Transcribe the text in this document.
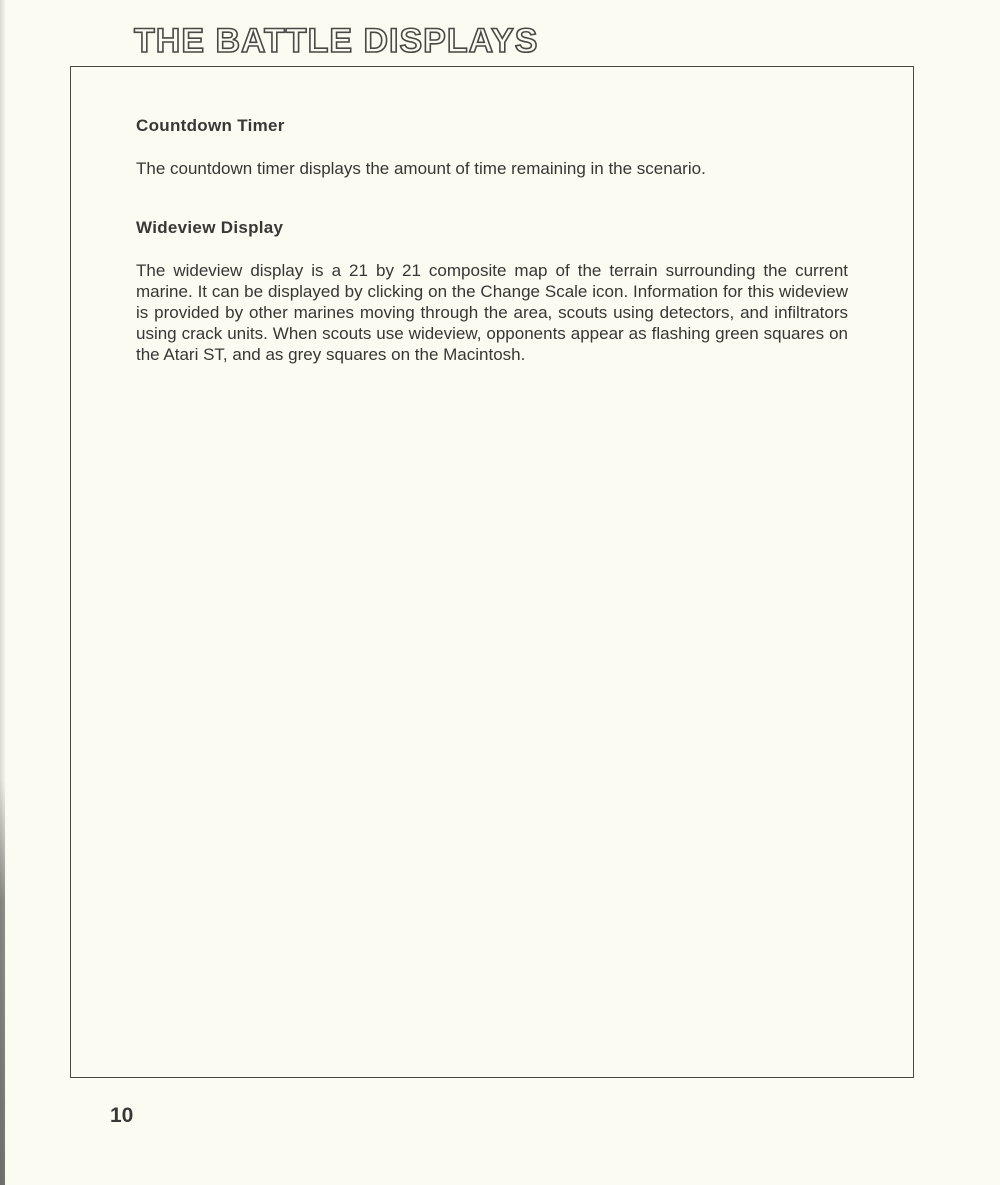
THE BATTLE DISPLAYS
Countdown Timer

The countdown timer displays the amount of time remaining in the scenario.

Wideview Display

The wideview display is a 21 by 21 composite map of the terrain surrounding the current marine. It can be displayed by clicking on the Change Scale icon. Information for this wideview is provided by other marines moving through the area, scouts using detectors, and infiltrators using crack units. When scouts use wideview, opponents appear as flashing green squares on the Atari ST, and as grey squares on the Macintosh.

10
